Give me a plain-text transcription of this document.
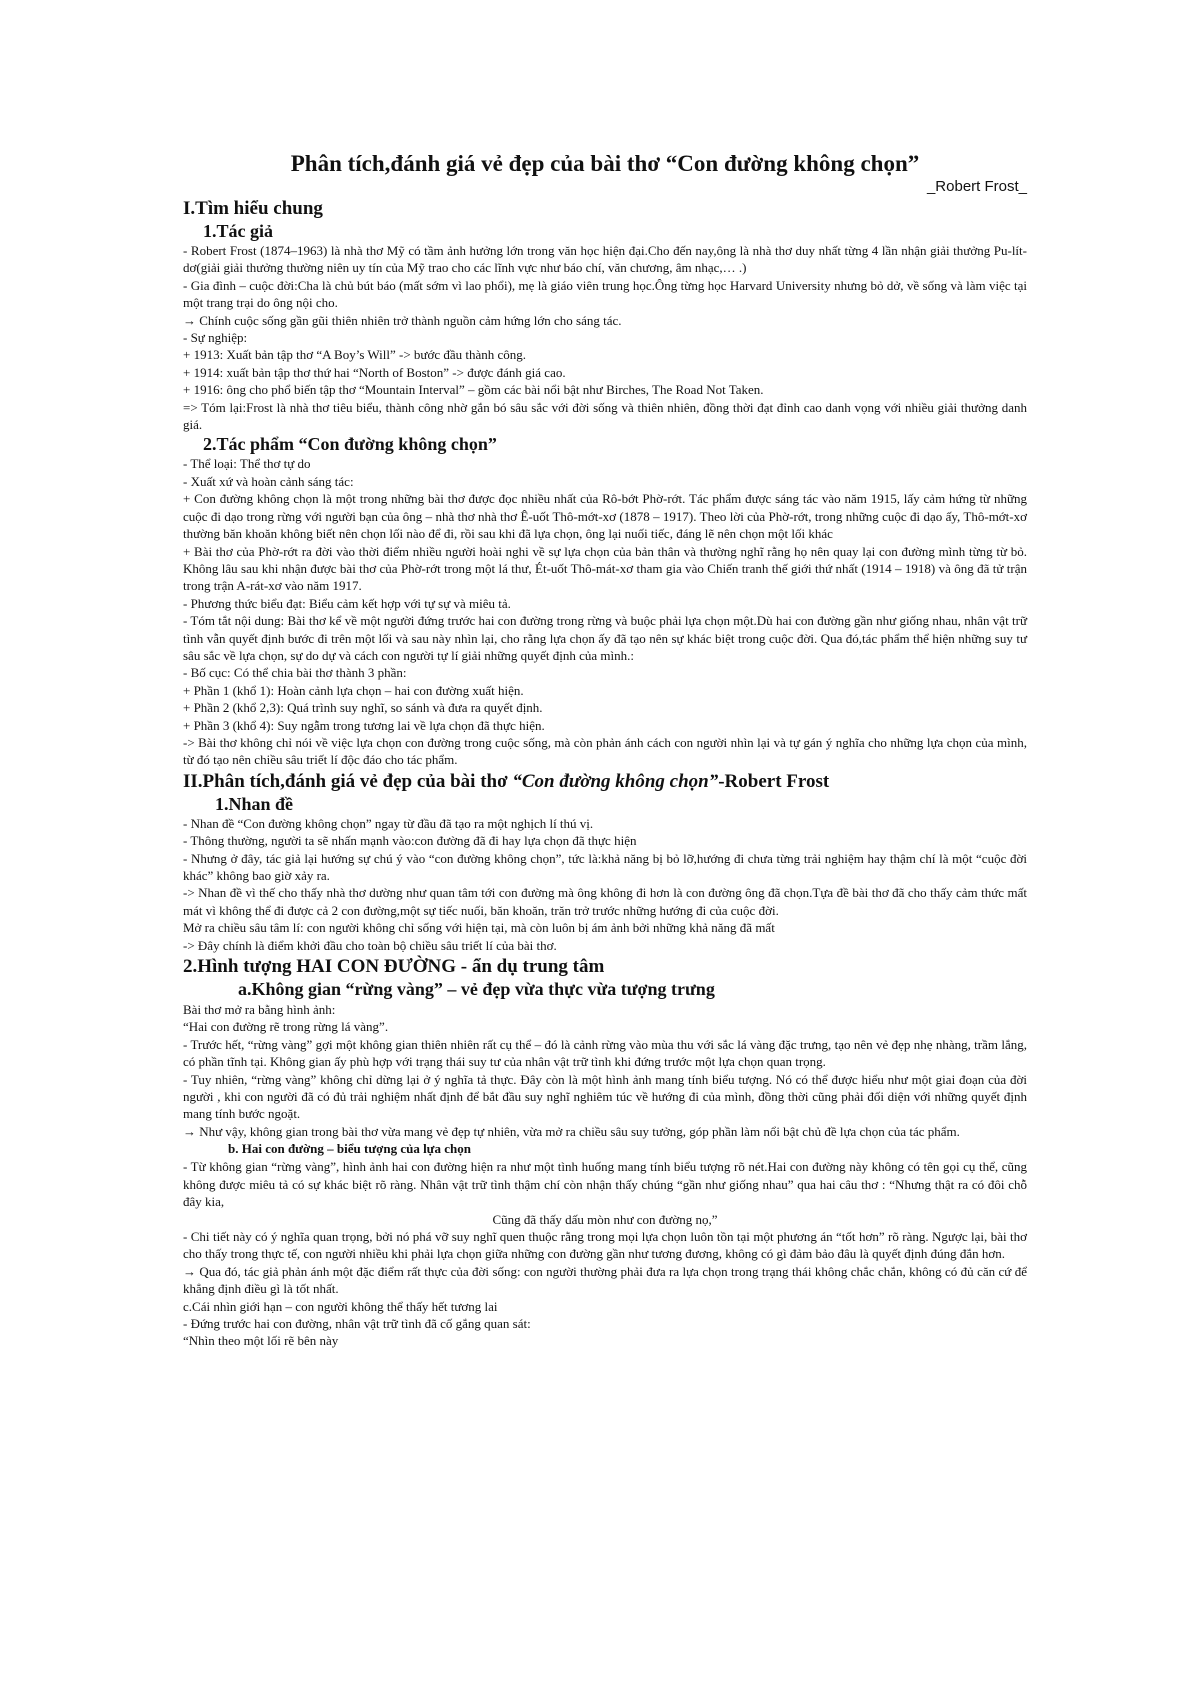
Phân tích,đánh giá vẻ đẹp của bài thơ “Con đường không chọn”

_Robert Frost_

I.Tìm hiểu chung

1.Tác giả

- Robert Frost (1874–1963) là nhà thơ Mỹ có tầm ảnh hưởng lớn trong văn học hiện đại.Cho đến nay,ông là nhà thơ duy nhất từng 4 lần nhận giải thưởng Pu-lít-dơ(giải giải thưởng thường niên uy tín của Mỹ trao cho các lĩnh vực như báo chí, văn chương, âm nhạc,… .)

- Gia đình – cuộc đời:Cha là chủ bút báo (mất sớm vì lao phổi), mẹ là giáo viên trung học.Ông từng học Harvard University nhưng bỏ dở, về sống và làm việc tại một trang trại do ông nội cho.

→ Chính cuộc sống gần gũi thiên nhiên trở thành nguồn cảm hứng lớn cho sáng tác.

- Sự nghiệp:

+ 1913: Xuất bản tập thơ “A Boy’s Will” -> bước đầu thành công.

+ 1914: xuất bản tập thơ thứ hai “North of Boston” -> được đánh giá cao.

+ 1916: ông cho phổ biến tập thơ “Mountain Interval” – gồm các bài nổi bật như Birches, The Road Not Taken.

=> Tóm lại:Frost là nhà thơ tiêu biểu, thành công nhờ gắn bó sâu sắc với đời sống và thiên nhiên, đồng thời đạt đỉnh cao danh vọng với nhiều giải thưởng danh giá.

2.Tác phẩm “Con đường không chọn”

- Thể loại: Thể thơ tự do

- Xuất xứ và hoàn cảnh sáng tác:

+ Con đường không chọn là một trong những bài thơ được đọc nhiều nhất của Rô-bớt Phờ-rớt. Tác phẩm được sáng tác vào năm 1915, lấy cảm hứng từ những cuộc đi dạo trong rừng với người bạn của ông – nhà thơ nhà thơ Ê-uốt Thô-mớt-xơ (1878 – 1917). Theo lời của Phờ-rớt, trong những cuộc đi dạo ấy, Thô-mớt-xơ thường băn khoăn không biết nên chọn lối nào để đi, rồi sau khi đã lựa chọn, ông lại nuối tiếc, đáng lẽ nên chọn một lối khác

+ Bài thơ của Phờ-rớt ra đời vào thời điểm nhiều người hoài nghi về sự lựa chọn của bản thân và thường nghĩ rằng họ nên quay lại con đường mình từng từ bỏ. Không lâu sau khi nhận được bài thơ của Phờ-rớt trong một lá thư, Ét-uốt Thô-mát-xơ tham gia vào Chiến tranh thế giới thứ nhất (1914 – 1918) và ông đã tử trận trong trận A-rát-xơ vào năm 1917.

- Phương thức biểu đạt: Biểu cảm kết hợp với tự sự và miêu tả.

- Tóm tắt nội dung: Bài thơ kể về một người đứng trước hai con đường trong rừng và buộc phải lựa chọn một.Dù hai con đường gần như giống nhau, nhân vật trữ tình vẫn quyết định bước đi trên một lối và sau này nhìn lại, cho rằng lựa chọn ấy đã tạo nên sự khác biệt trong cuộc đời. Qua đó,tác phẩm thể hiện những suy tư sâu sắc về lựa chọn, sự do dự và cách con người tự lí giải những quyết định của mình.:

- Bố cục: Có thể chia bài thơ thành 3 phần:

+ Phần 1 (khổ 1): Hoàn cảnh lựa chọn – hai con đường xuất hiện.

+ Phần 2 (khổ 2,3): Quá trình suy nghĩ, so sánh và đưa ra quyết định.

+ Phần 3 (khổ 4): Suy ngẫm trong tương lai về lựa chọn đã thực hiện.

-> Bài thơ không chỉ nói về việc lựa chọn con đường trong cuộc sống, mà còn phản ánh cách con người nhìn lại và tự gán ý nghĩa cho những lựa chọn của mình, từ đó tạo nên chiều sâu triết lí độc đáo cho tác phẩm.

II.Phân tích,đánh giá vẻ đẹp của bài thơ “Con đường không chọn”-Robert Frost

1.Nhan đề

- Nhan đề “Con đường không chọn” ngay từ đầu đã tạo ra một nghịch lí thú vị.

- Thông thường, người ta sẽ nhấn mạnh vào:con đường đã đi hay lựa chọn đã thực hiện

- Nhưng ở đây, tác giả lại hướng sự chú ý vào “con đường không chọn”, tức là:khả năng bị bỏ lỡ,hướng đi chưa từng trải nghiệm hay thậm chí là một “cuộc đời khác” không bao giờ xảy ra.

-> Nhan đề vì thế cho thấy nhà thơ dường như quan tâm tới con đường mà ông không đi hơn là con đường ông đã chọn.Tựa đề bài thơ đã cho thấy cảm thức mất mát vì không thể đi được cả 2 con đường,một sự tiếc nuối, băn khoăn, trăn trở trước những hướng đi của cuộc đời.

Mở ra chiều sâu tâm lí: con người không chỉ sống với hiện tại, mà còn luôn bị ám ảnh bởi những khả năng đã mất

-> Đây chính là điểm khởi đầu cho toàn bộ chiều sâu triết lí của bài thơ.

2.Hình tượng HAI CON ĐƯỜNG - ẩn dụ trung tâm

a.Không gian “rừng vàng” – vẻ đẹp vừa thực vừa tượng trưng

Bài thơ mở ra bằng hình ảnh:

“Hai con đường rẽ trong rừng lá vàng”.

- Trước hết, “rừng vàng” gợi một không gian thiên nhiên rất cụ thể – đó là cảnh rừng vào mùa thu với sắc lá vàng đặc trưng, tạo nên vẻ đẹp nhẹ nhàng, trầm lắng, có phần tĩnh tại. Không gian ấy phù hợp với trạng thái suy tư của nhân vật trữ tình khi đứng trước một lựa chọn quan trọng.

- Tuy nhiên, “rừng vàng” không chỉ dừng lại ở ý nghĩa tả thực. Đây còn là một hình ảnh mang tính biểu tượng. Nó có thể được hiểu như một giai đoạn của đời người , khi con người đã có đủ trải nghiệm nhất định để bắt đầu suy nghĩ nghiêm túc về hướng đi của mình, đồng thời cũng phải đối diện với những quyết định mang tính bước ngoặt.

→ Như vậy, không gian trong bài thơ vừa mang vẻ đẹp tự nhiên, vừa mở ra chiều sâu suy tưởng, góp phần làm nổi bật chủ đề lựa chọn của tác phẩm.

b. Hai con đường – biểu tượng của lựa chọn

- Từ không gian “rừng vàng”, hình ảnh hai con đường hiện ra như một tình huống mang tính biểu tượng rõ nét.Hai con đường này không có tên gọi cụ thể, cũng không được miêu tả có sự khác biệt rõ ràng. Nhân vật trữ tình thậm chí còn nhận thấy chúng “gần như giống nhau” qua hai câu thơ : “Nhưng thật ra có đôi chỗ đây kia,

Cũng đã thấy dấu mòn như con đường nọ,”

- Chi tiết này có ý nghĩa quan trọng, bởi nó phá vỡ suy nghĩ quen thuộc rằng trong mọi lựa chọn luôn tồn tại một phương án “tốt hơn” rõ ràng. Ngược lại, bài thơ cho thấy trong thực tế, con người nhiều khi phải lựa chọn giữa những con đường gần như tương đương, không có gì đảm bảo đâu là quyết định đúng đắn hơn.

→ Qua đó, tác giả phản ánh một đặc điểm rất thực của đời sống: con người thường phải đưa ra lựa chọn trong trạng thái không chắc chắn, không có đủ căn cứ để khẳng định điều gì là tốt nhất.

c.Cái nhìn giới hạn – con người không thể thấy hết tương lai

- Đứng trước hai con đường, nhân vật trữ tình đã cố gắng quan sát:

“Nhìn theo một lối rẽ bên này
